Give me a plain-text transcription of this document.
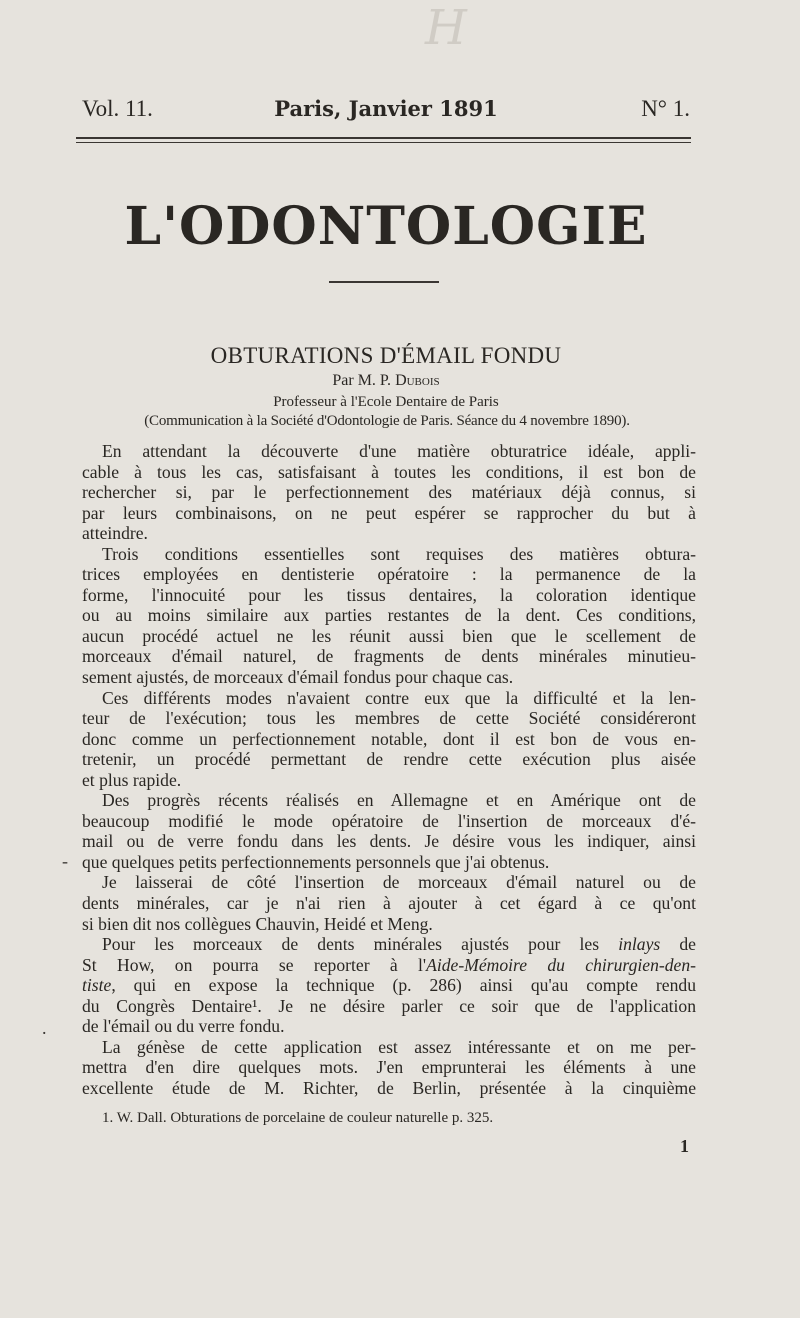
H
Vol. 11.	Paris, Janvier 1891	N° 1.
L'ODONTOLOGIE
OBTURATIONS D'ÉMAIL FONDU
Par M. P. Dubois
Professeur à l'Ecole Dentaire de Paris
(Communication à la Société d'Odontologie de Paris. Séance du 4 novembre 1890).
En attendant la découverte d'une matière obturatrice idéale, appli-
cable à tous les cas, satisfaisant à toutes les conditions, il est bon de
rechercher si, par le perfectionnement des matériaux déjà connus, si
par leurs combinaisons, on ne peut espérer se rapprocher du but à
atteindre.
Trois conditions essentielles sont requises des matières obtura-
trices employées en dentisterie opératoire : la permanence de la
forme, l'innocuité pour les tissus dentaires, la coloration identique
ou au moins similaire aux parties restantes de la dent. Ces conditions,
aucun procédé actuel ne les réunit aussi bien que le scellement de
morceaux d'émail naturel, de fragments de dents minérales minutieu-
sement ajustés, de morceaux d'émail fondus pour chaque cas.
Ces différents modes n'avaient contre eux que la difficulté et la len-
teur de l'exécution; tous les membres de cette Société considéreront
donc comme un perfectionnement notable, dont il est bon de vous en-
tretenir, un procédé permettant de rendre cette exécution plus aisée
et plus rapide.
Des progrès récents réalisés en Allemagne et en Amérique ont de
beaucoup modifié le mode opératoire de l'insertion de morceaux d'é-
mail ou de verre fondu dans les dents. Je désire vous les indiquer, ainsi
que quelques petits perfectionnements personnels que j'ai obtenus.
Je laisserai de côté l'insertion de morceaux d'émail naturel ou de
dents minérales, car je n'ai rien à ajouter à cet égard à ce qu'ont
si bien dit nos collègues Chauvin, Heidé et Meng.
Pour les morceaux de dents minérales ajustés pour les inlays de
St How, on pourra se reporter à l'Aide-Mémoire du chirurgien-den-
tiste, qui en expose la technique (p. 286) ainsi qu'au compte rendu
du Congrès Dentaire¹. Je ne désire parler ce soir que de l'application
de l'émail ou du verre fondu.
La génèse de cette application est assez intéressante et on me per-
mettra d'en dire quelques mots. J'en emprunterai les éléments à une
excellente étude de M. Richter, de Berlin, présentée à la cinquième
-
.
1. W. Dall. Obturations de porcelaine de couleur naturelle p. 325.
1
